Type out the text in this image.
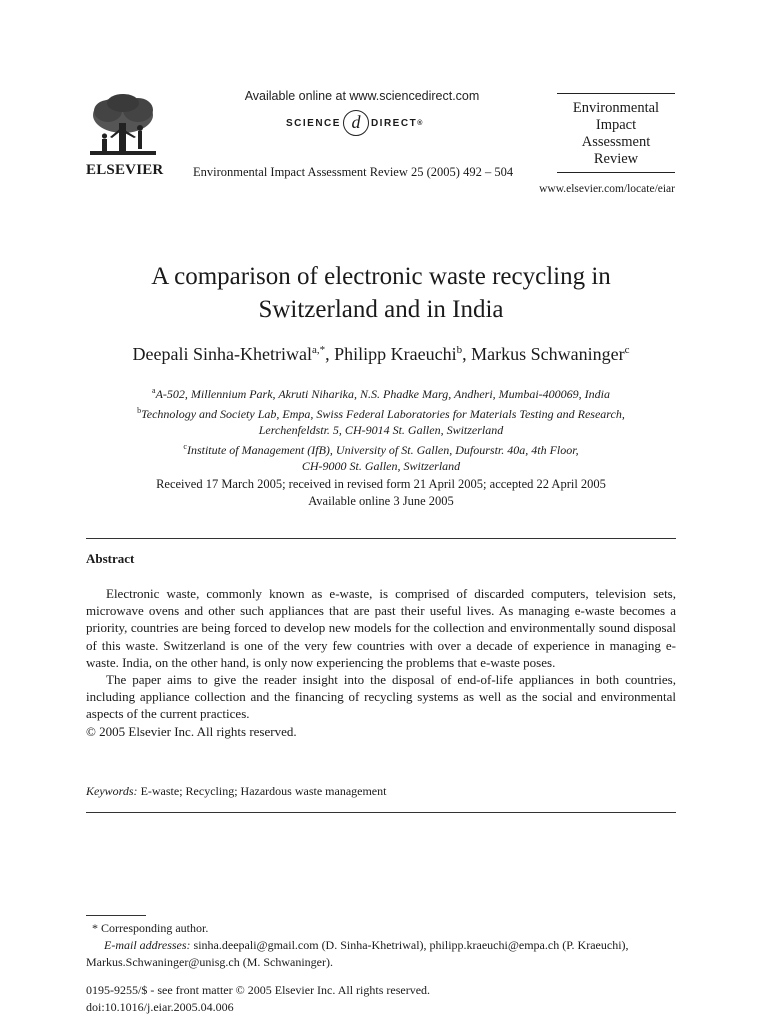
ELSEVIER
Available online at www.sciencedirect.com
SCIENCE d	DIRECT ®
Environmental Impact Assessment Review 25 (2005) 492 – 504
Environmental
Impact
Assessment
Review
www.elsevier.com/locate/eiar
A comparison of electronic waste recycling in
Switzerland and in India
Deepali Sinha-Khetriwal$^{a,*}$, Philipp Kraeuchi$^b$, Markus Schwaninger$^c$
$^a$A-502, Millennium Park, Akruti Niharika, N.S. Phadke Marg, Andheri, Mumbai-400069, India
$^b$Technology and Society Lab, Empa, Swiss Federal Laboratories for Materials Testing and Research,
Lerchenfeldstr. 5, CH-9014 St. Gallen, Switzerland
$^c$Institute of Management (IfB), University of St. Gallen, Dufourstr. 40a, 4th Floor,
CH-9000 St. Gallen, Switzerland
Received 17 March 2005; received in revised form 21 April 2005; accepted 22 April 2005
Available online 3 June 2005
Abstract

Electronic waste, commonly known as e-waste, is comprised of discarded computers, television sets, microwave ovens and other such appliances that are past their useful lives. As managing e-waste becomes a priority, countries are being forced to develop new models for the collection and environmentally sound disposal of this waste. Switzerland is one of the very few countries with over a decade of experience in managing e-waste. India, on the other hand, is only now experiencing the problems that e-waste poses.

The paper aims to give the reader insight into the disposal of end-of-life appliances in both countries, including appliance collection and the financing of recycling systems as well as the social and environmental aspects of the current practices.

© 2005 Elsevier Inc. All rights reserved.

Keywords: E-waste; Recycling; Hazardous waste management
* Corresponding author.
E-mail addresses: sinha.deepali@gmail.com (D. Sinha-Khetriwal), philipp.kraeuchi@empa.ch (P. Kraeuchi),
Markus.Schwaninger@unisg.ch (M. Schwaninger).
0195-9255/$ - see front matter © 2005 Elsevier Inc. All rights reserved.
doi:10.1016/j.eiar.2005.04.006
